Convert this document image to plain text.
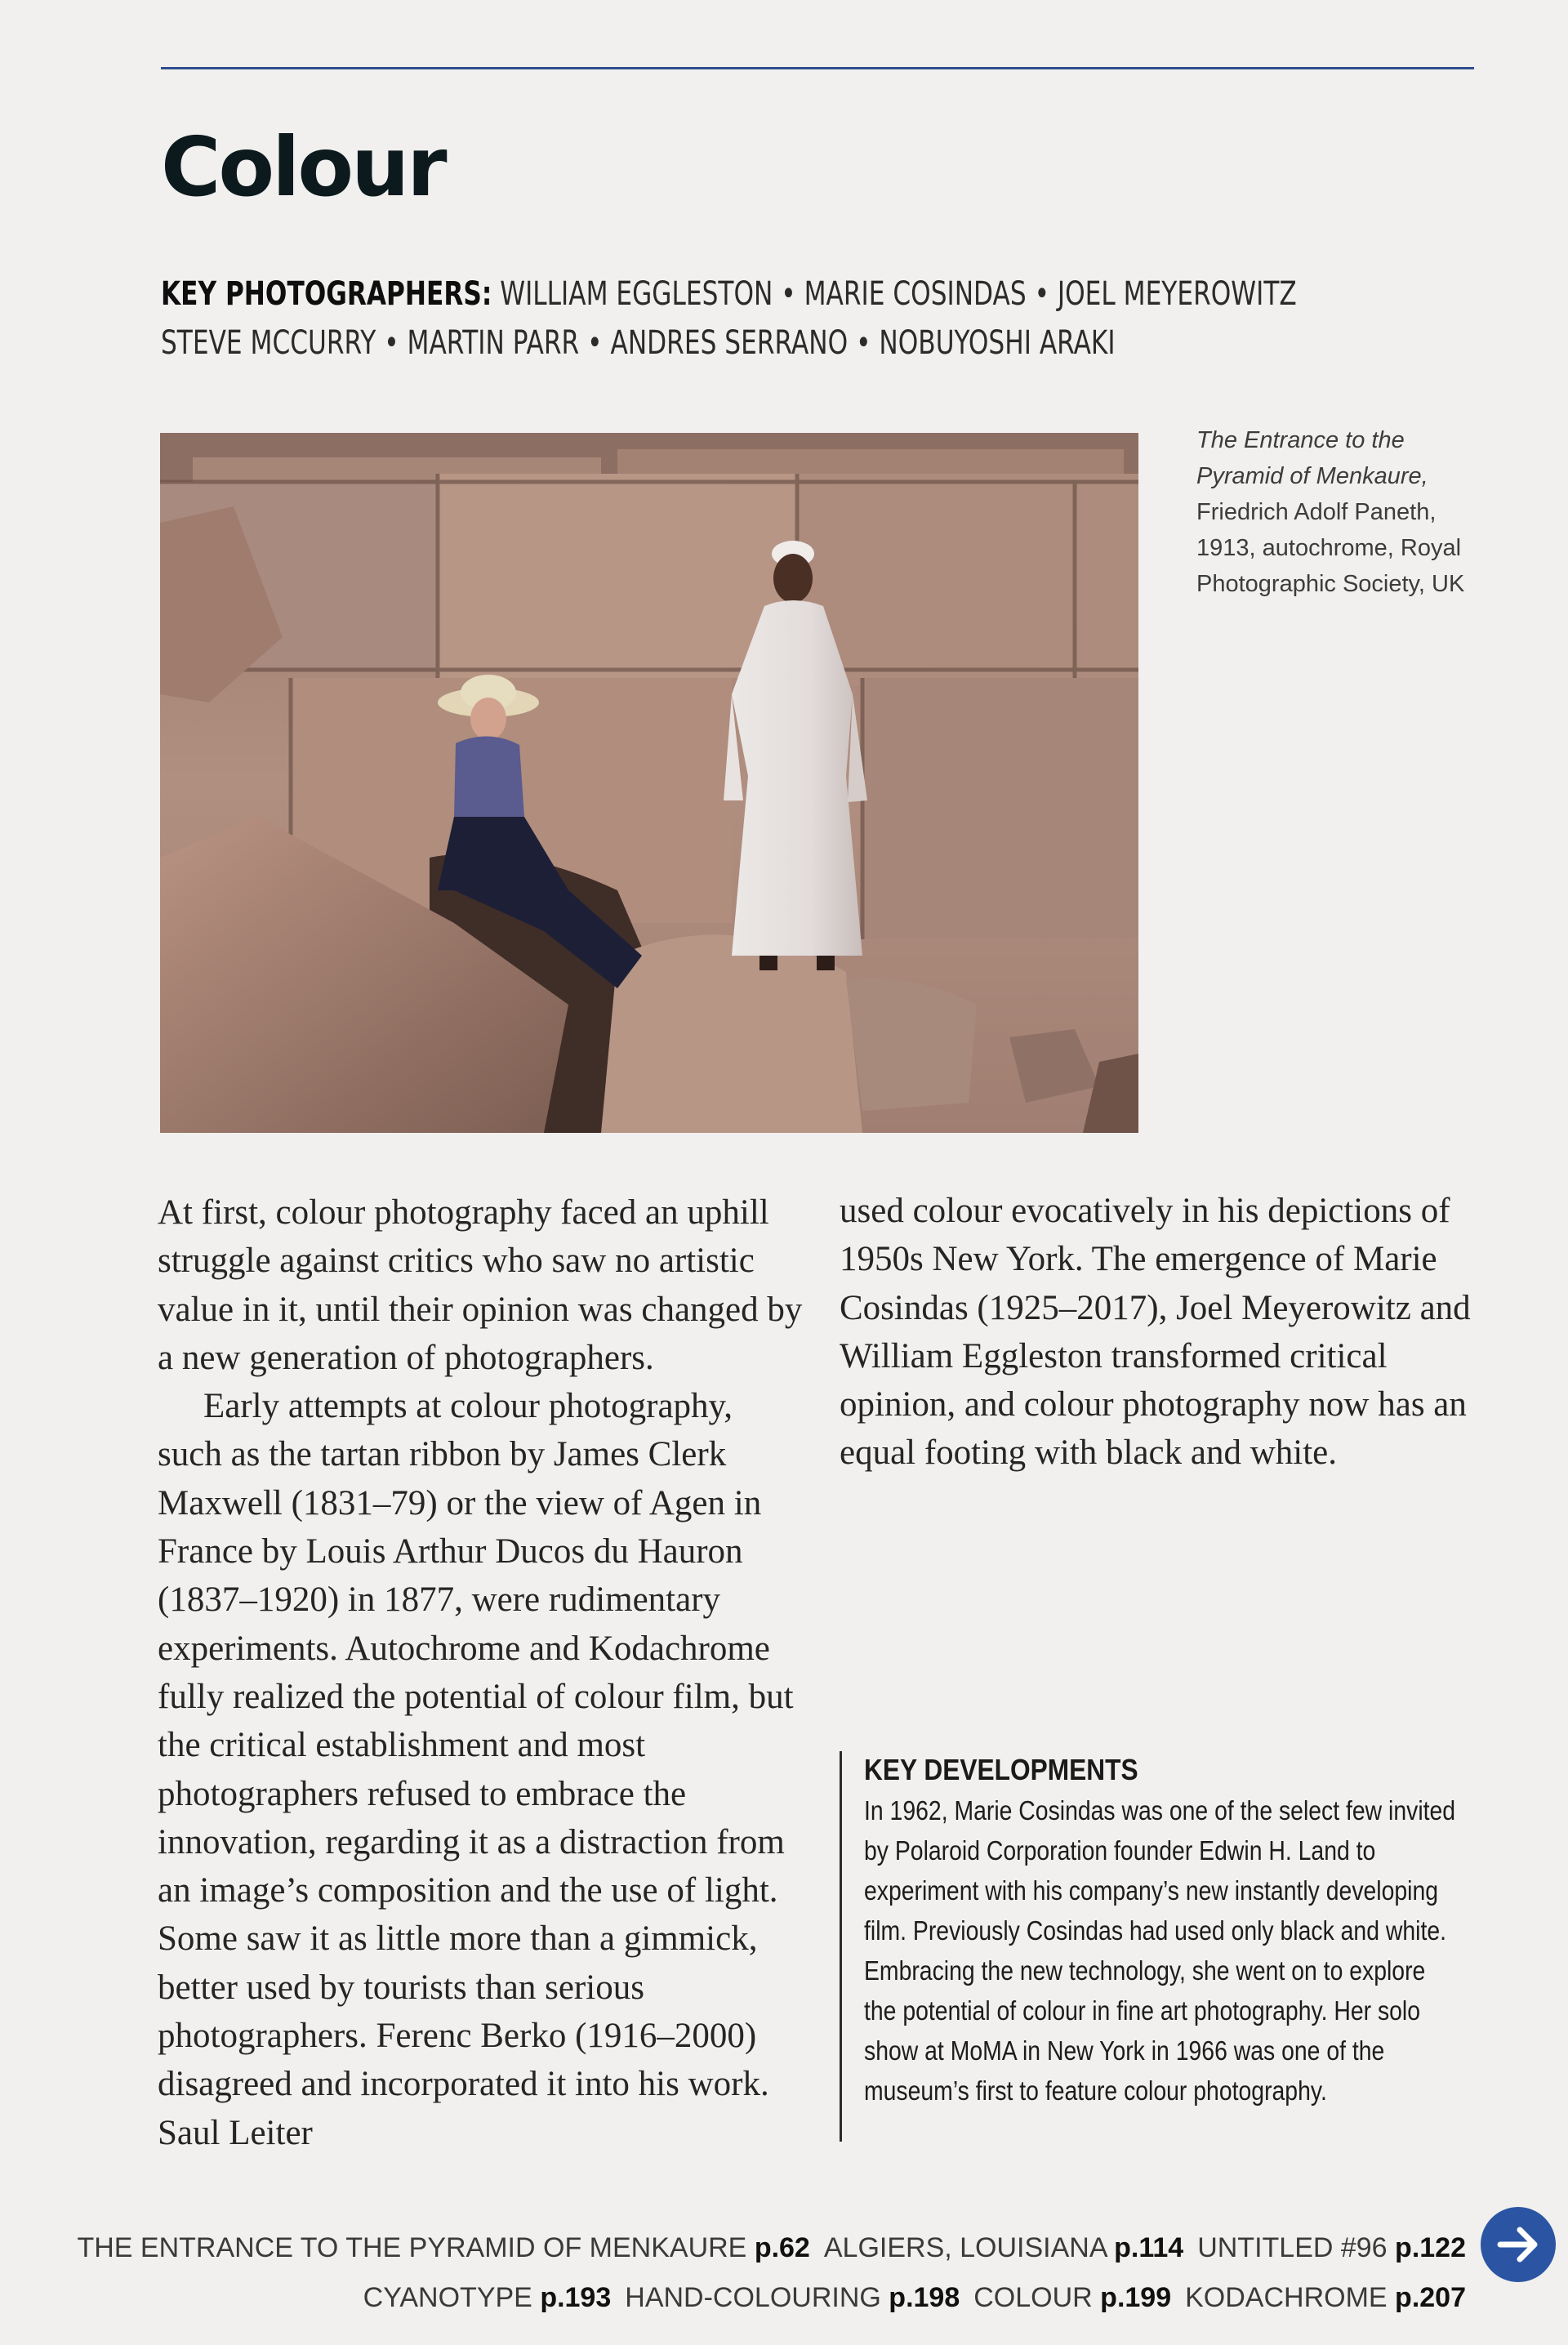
Colour
KEY PHOTOGRAPHERS: WILLIAM EGGLESTON • MARIE COSINDAS • JOEL MEYEROWITZ
STEVE MCCURRY • MARTIN PARR • ANDRES SERRANO • NOBUYOSHI ARAKI
The Entrance to the Pyramid of Menkaure, Friedrich Adolf Paneth, 1913, autochrome, Royal Photographic Society, UK

At first, colour photography faced an uphill struggle against critics who saw no artistic value in it, until their opinion was changed by a new generation of photographers.

Early attempts at colour photography, such as the tartan ribbon by James Clerk Maxwell (1831–79) or the view of Agen in France by Louis Arthur Ducos du Hauron (1837–1920) in 1877, were rudimentary experiments. Autochrome and Kodachrome fully realized the potential of colour film, but the critical establishment and most photographers refused to embrace the innovation, regarding it as a distraction from an image’s composition and the use of light. Some saw it as little more than a gimmick, better used by tourists than serious photographers. Ferenc Berko (1916–2000) disagreed and incorporated it into his work. Saul Leiter

used colour evocatively in his depictions of 1950s New York. The emergence of Marie Cosindas (1925–2017), Joel Meyerowitz and William Eggleston transformed critical opinion, and colour photography now has an equal footing with black and white.

KEY DEVELOPMENTS

In 1962, Marie Cosindas was one of the select few invited by Polaroid Corporation founder Edwin H. Land to experiment with his company’s new instantly developing film. Previously Cosindas had used only black and white. Embracing the new technology, she went on to explore the potential of colour in fine art photography. Her solo show at MoMA in New York in 1966 was one of the museum’s first to feature colour photography.

THE ENTRANCE TO THE PYRAMID OF MENKAURE p.62 ALGIERS, LOUISIANA p.114 UNTITLED #96 p.122
CYANOTYPE p.193 HAND-COLOURING p.198 COLOUR p.199 KODACHROME p.207
